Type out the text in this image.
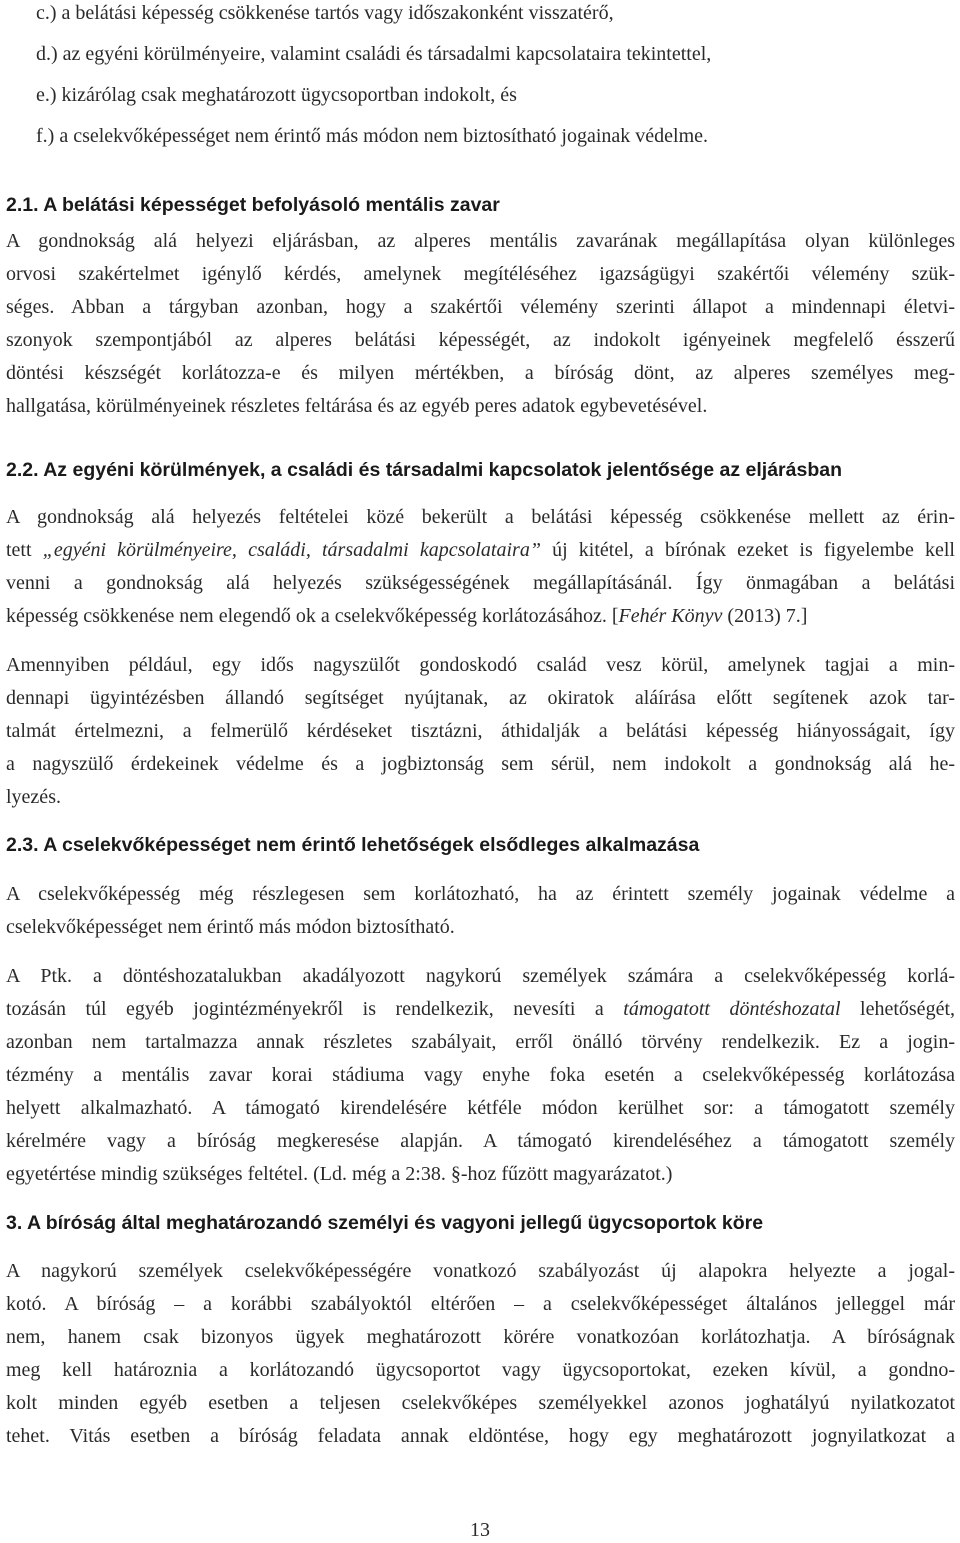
c.) a belátási képesség csökkenése tartós vagy időszakonként visszatérő,

d.) az egyéni körülményeire, valamint családi és társadalmi kapcsolataira tekintettel,

e.) kizárólag csak meghatározott ügycsoportban indokolt, és

f.) a cselekvőképességet nem érintő más módon nem biztosítható jogainak védelme.

2.1. A belátási képességet befolyásoló mentális zavar

A gondnokság alá helyezi eljárásban, az alperes mentális zavarának megállapítása olyan különleges
orvosi szakértelmet igénylő kérdés, amelynek megítéléséhez igazságügyi szakértői vélemény szük-
séges. Abban a tárgyban azonban, hogy a szakértői vélemény szerinti állapot a mindennapi életvi-
szonyok szempontjából az alperes belátási képességét, az indokolt igényeinek megfelelő ésszerű
döntési készségét korlátozza-e és milyen mértékben, a bíróság dönt, az alperes személyes meg-
hallgatása, körülményeinek részletes feltárása és az egyéb peres adatok egybevetésével.

2.2. Az egyéni körülmények, a családi és társadalmi kapcsolatok jelentősége az eljárásban

A gondnokság alá helyezés feltételei közé bekerült a belátási képesség csökkenése mellett az érin-
tett „egyéni körülményeire, családi, társadalmi kapcsolataira” új kitétel, a bírónak ezeket is figyelembe kell
venni a gondnokság alá helyezés szükségességének megállapításánál. Így önmagában a belátási
képesség csökkenése nem elegendő ok a cselekvőképesség korlátozásához. [Fehér Könyv (2013) 7.]

Amennyiben például, egy idős nagyszülőt gondoskodó család vesz körül, amelynek tagjai a min-
dennapi ügyintézésben állandó segítséget nyújtanak, az okiratok aláírása előtt segítenek azok tar-
talmát értelmezni, a felmerülő kérdéseket tisztázni, áthidalják a belátási képesség hiányosságait, így
a nagyszülő érdekeinek védelme és a jogbiztonság sem sérül, nem indokolt a gondnokság alá he-
lyezés.

2.3. A cselekvőképességet nem érintő lehetőségek elsődleges alkalmazása

A cselekvőképesség még részlegesen sem korlátozható, ha az érintett személy jogainak védelme a
cselekvőképességet nem érintő más módon biztosítható.

A Ptk. a döntéshozatalukban akadályozott nagykorú személyek számára a cselekvőképesség korlá-
tozásán túl egyéb jogintézményekről is rendelkezik, nevesíti a támogatott döntéshozatal lehetőségét,
azonban nem tartalmazza annak részletes szabályait, erről önálló törvény rendelkezik. Ez a jogin-
tézmény a mentális zavar korai stádiuma vagy enyhe foka esetén a cselekvőképesség korlátozása
helyett alkalmazható. A támogató kirendelésére kétféle módon kerülhet sor: a támogatott személy
kérelmére vagy a bíróság megkeresése alapján. A támogató kirendeléséhez a támogatott személy
egyetértése mindig szükséges feltétel. (Ld. még a 2:38. §-hoz fűzött magyarázatot.)

3. A bíróság által meghatározandó személyi és vagyoni jellegű ügycsoportok köre

A nagykorú személyek cselekvőképességére vonatkozó szabályozást új alapokra helyezte a jogal-
kotó. A bíróság – a korábbi szabályoktól eltérően – a cselekvőképességet általános jelleggel már
nem, hanem csak bizonyos ügyek meghatározott körére vonatkozóan korlátozhatja. A bíróságnak
meg kell határoznia a korlátozandó ügycsoportot vagy ügycsoportokat, ezeken kívül, a gondno-
kolt minden egyéb esetben a teljesen cselekvőképes személyekkel azonos joghatályú nyilatkozatot
tehet. Vitás esetben a bíróság feladata annak eldöntése, hogy egy meghatározott jognyilatkozat a

13
